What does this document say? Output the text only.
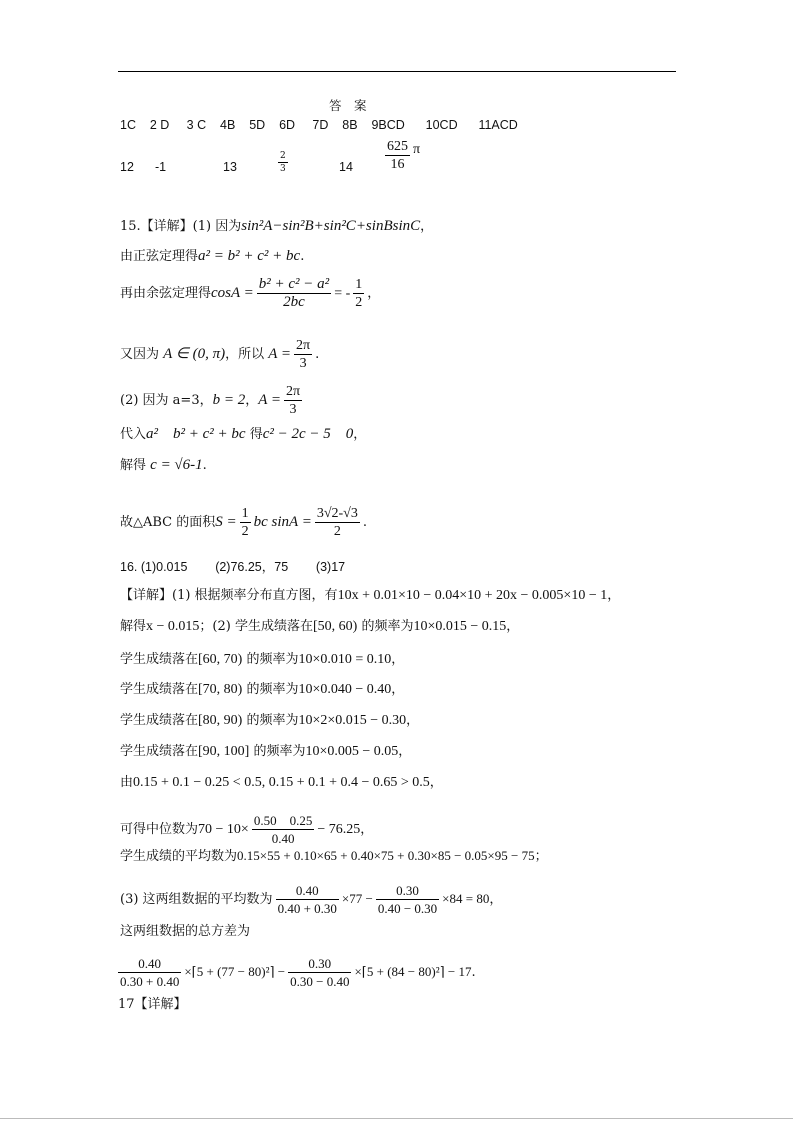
答　案
1C    2 D     3 C    4B    5D    6D     7D    8B    9BCD      10CD      11ACD
12 -1	13	$\frac{2}{3}$	$14 \frac{625}{16}$ π
15.【详解】(1) 因为sin²A−sin²B+sin²C+sinBsinC，
由正弦定理得a² = b² + c² + bc.
再由余弦定理得$\cos A = \frac{\text{b² + c² − a²}}{2bc}$ = - $\frac{1}{2}$ ，
又因为 A ∈ (0, π)，所以 $A = \frac{2\pi}{3}$ .
(2) 因为 a=3，b = 2，$A = \frac{2\pi}{3}$
代入a²    b² + c² + bc 得c² − 2c − 5    0，
解得 c = √6-1.
故△ABC 的面积$S = \frac{1}{2}$ bc $\sin A = \frac{3√2-√3}{2}$ .
16. (1)0.015        (2)76.25，75        (3)17
【详解】(1) 根据频率分布直方图，有10x + 0.01×10 − 0.04×10 + 20x − 0.005×10 − 1，
解得x − 0.015；(2) 学生成绩落在[50, 60) 的频率为10×0.015 − 0.15，
学生成绩落在[60, 70) 的频率为10×0.010 = 0.10，
学生成绩落在[70, 80) 的频率为10×0.040 − 0.40，
学生成绩落在[80, 90) 的频率为10×2×0.015 − 0.30，
学生成绩落在[90, 100] 的频率为10×0.005 − 0.05，
由0.15 + 0.1 − 0.25 < 0.5, 0.15 + 0.1 + 0.4 − 0.65 > 0.5，
可得中位数为$70 - 10\times \frac{0.50 0.25}{0.40} - 76.25$，
学生成绩的平均数为0.15×55 + 0.10×65 + 0.40×75 + 0.30×85 − 0.05×95 − 75；
(3) 这两组数据的平均数为 $\frac{0.40}{0.40 + 0.30} \times 77 - \frac{0.30}{0.40 - 0.30} \times 84 = 80$，
这两组数据的总方差为
$\frac{0.40}{0.30 + 0.40}$ ×⌈5 + (77 − 80)²⌉ − $\frac{0.30}{0.30 - 0.40}$ ×⌈5 + (84 − 80)²⌉ − 17.
17【详解】
